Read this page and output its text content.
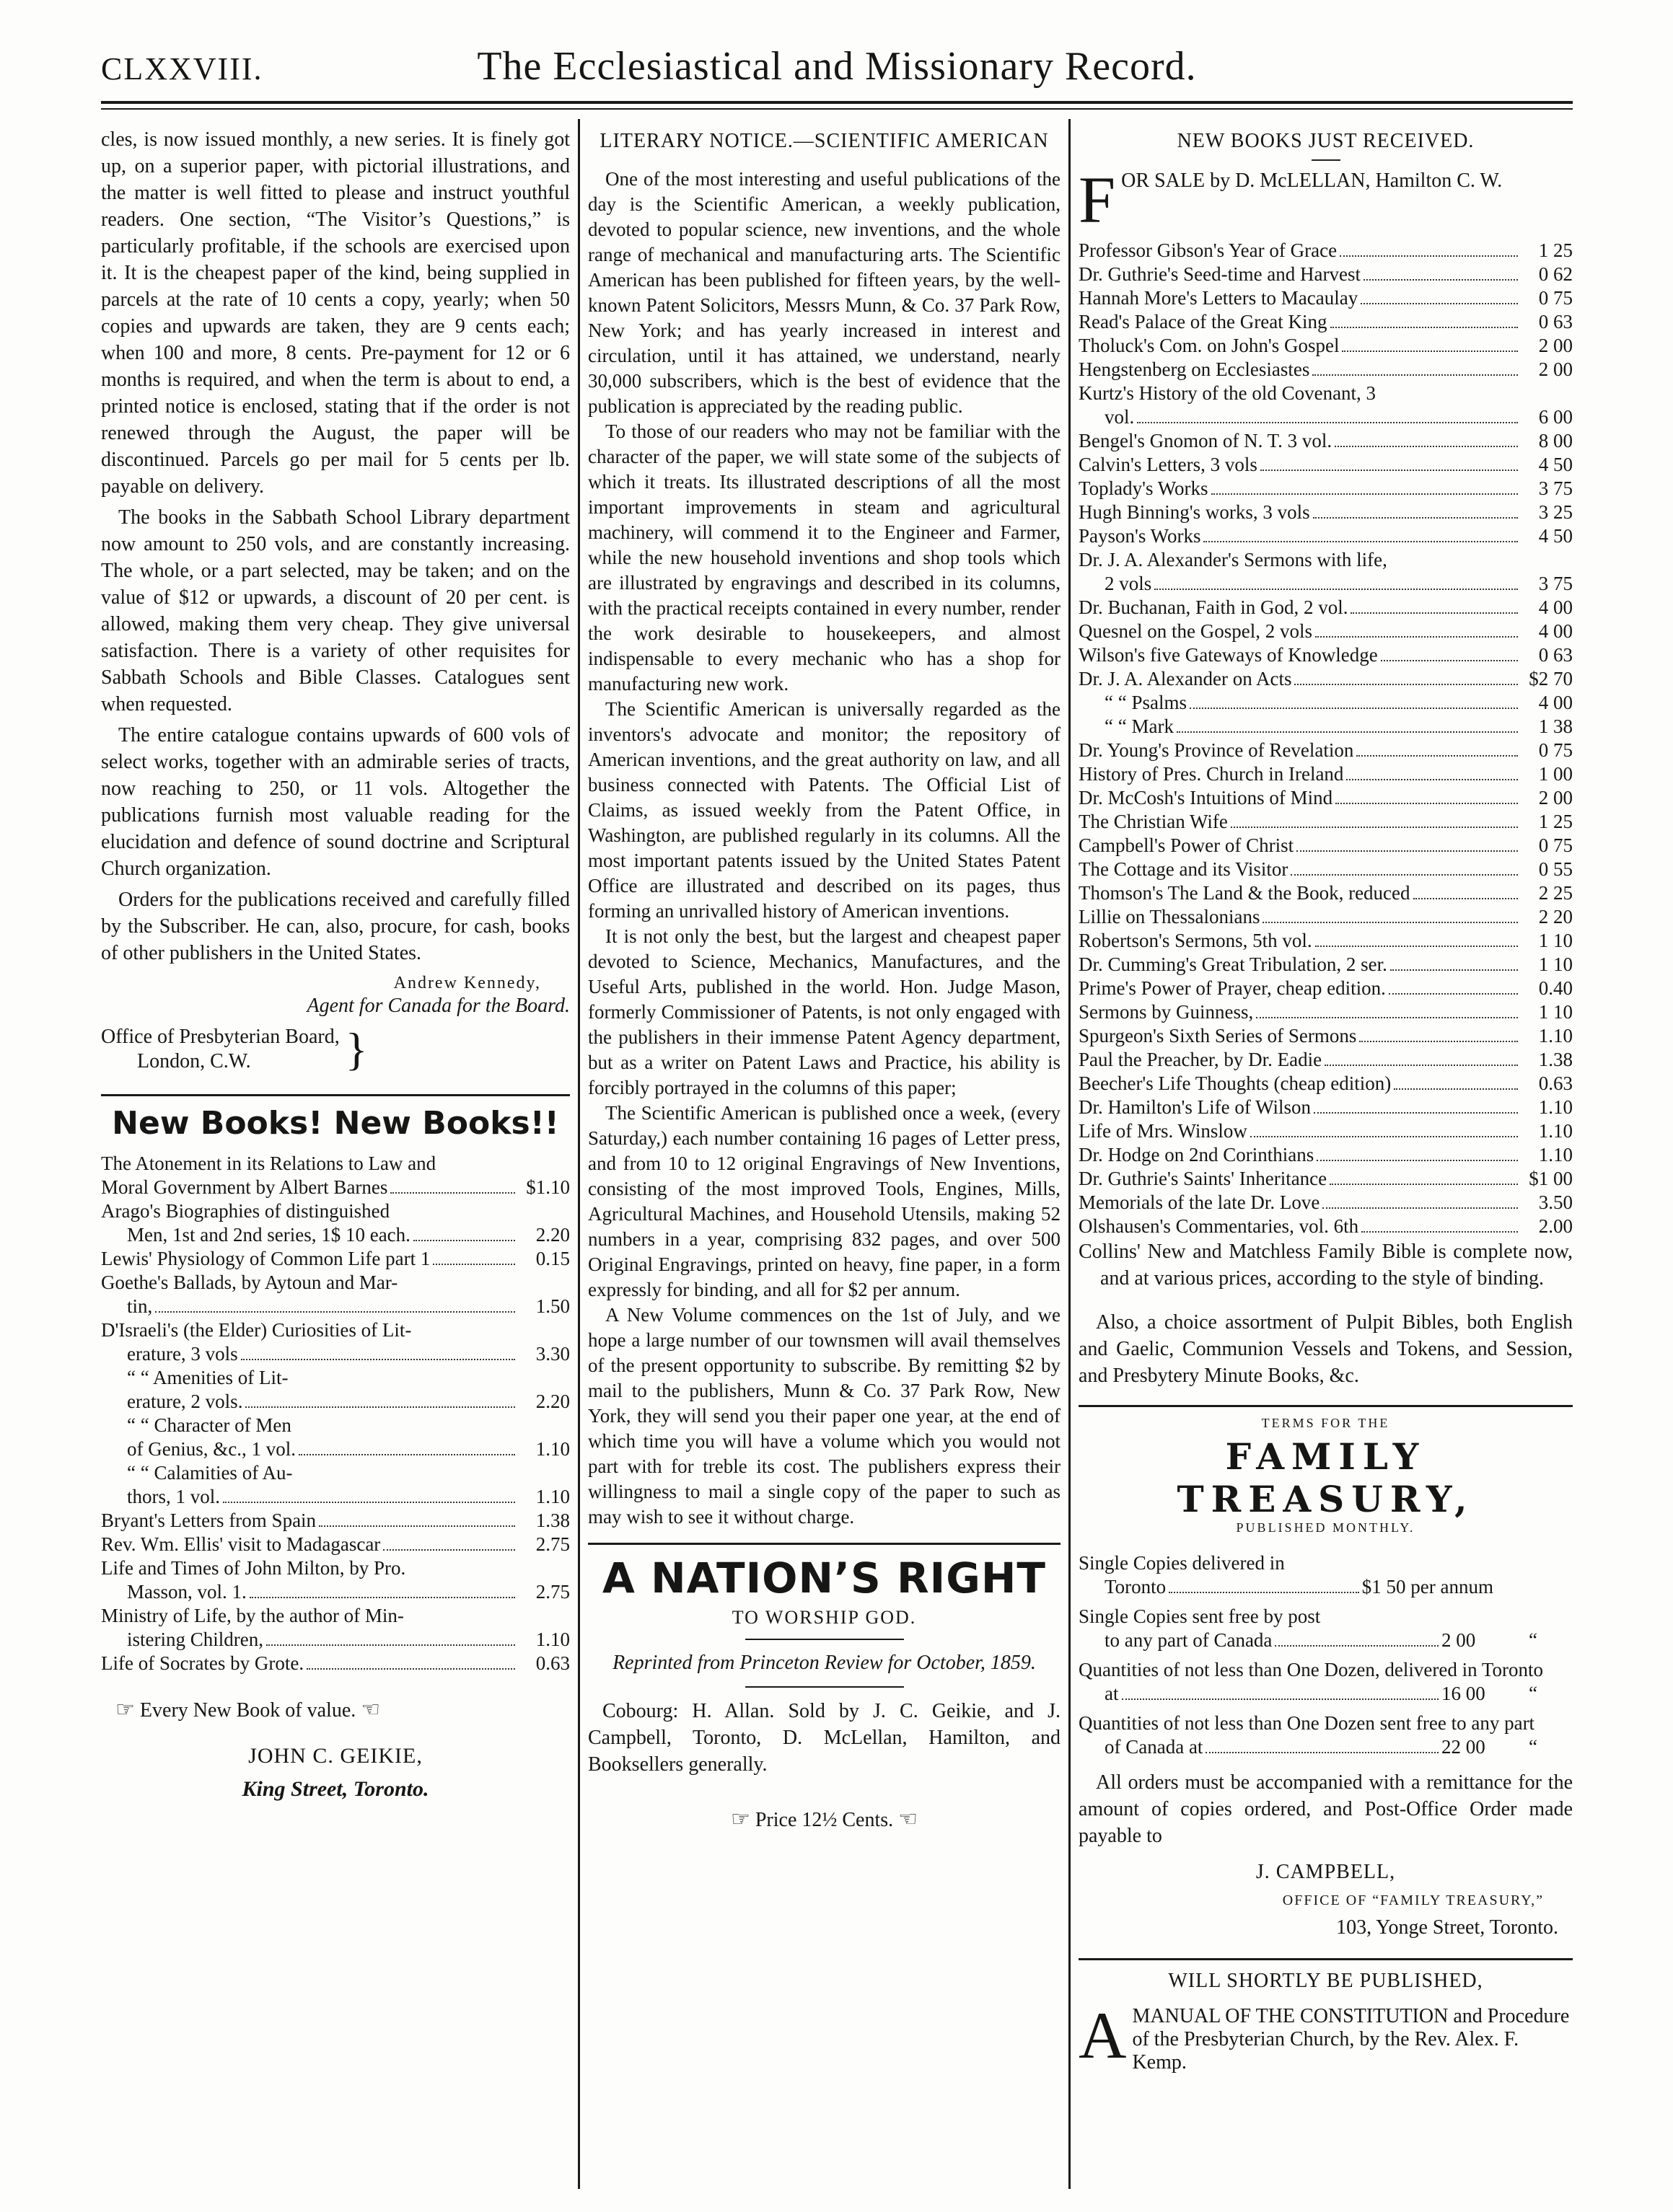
CLXXVIII.	The Ecclesiastical and Missionary Record.

cles, is now issued monthly, a new series. It is finely got up, on a superior paper, with pictorial illustrations, and the matter is well fitted to please and instruct youthful readers. One section, “The Visitor’s Questions,” is particularly profitable, if the schools are exercised upon it. It is the cheapest paper of the kind, being supplied in parcels at the rate of 10 cents a copy, yearly; when 50 copies and upwards are taken, they are 9 cents each; when 100 and more, 8 cents. Pre-payment for 12 or 6 months is required, and when the term is about to end, a printed notice is enclosed, stating that if the order is not renewed through the August, the paper will be discontinued. Parcels go per mail for 5 cents per lb. payable on delivery.

The books in the Sabbath School Library department now amount to 250 vols, and are constantly increasing. The whole, or a part selected, may be taken; and on the value of $12 or upwards, a discount of 20 per cent. is allowed, making them very cheap. They give universal satisfaction. There is a variety of other requisites for Sabbath Schools and Bible Classes. Catalogues sent when requested.

The entire catalogue contains upwards of 600 vols of select works, together with an admirable series of tracts, now reaching to 250, or 11 vols. Altogether the publications furnish most valuable reading for the elucidation and defence of sound doctrine and Scriptural Church organization.

Orders for the publications received and carefully filled by the Subscriber. He can, also, procure, for cash, books of other publishers in the United States.

Andrew Kennedy,
Agent for Canada for the Board.
Office of Presbyterian Board,
London, C.W.	}
New Books! New Books!!
The Atonement in its Relations to Law and
Moral Government by Albert Barnes	$1.10
Arago's Biographies of distinguished
Men, 1st and 2nd series, 1$ 10 each.	2.20
Lewis' Physiology of Common Life part 1	0.15
Goethe's Ballads, by Aytoun and Mar-
tin,	1.50
D'Israeli's (the Elder) Curiosities of Lit-
erature, 3 vols	3.30
“ “ Amenities of Lit-
erature, 2 vols.	2.20
“ “ Character of Men
of Genius, &c., 1 vol.	1.10
“ “ Calamities of Au-
thors, 1 vol.	1.10
Bryant's Letters from Spain	1.38
Rev. Wm. Ellis' visit to Madagascar	2.75
Life and Times of John Milton, by Pro.
Masson, vol. 1.	2.75
Ministry of Life, by the author of Min-
istering Children,	1.10
Life of Socrates by Grote.	0.63
☞ Every New Book of value. ☜
JOHN C. GEIKIE,
King Street, Toronto.
LITERARY NOTICE.—SCIENTIFIC AMERICAN

One of the most interesting and useful publications of the day is the Scientific American, a weekly publication, devoted to popular science, new inventions, and the whole range of mechanical and manufacturing arts. The Scientific American has been published for fifteen years, by the well-known Patent Solicitors, Messrs Munn, & Co. 37 Park Row, New York; and has yearly increased in interest and circulation, until it has attained, we understand, nearly 30,000 subscribers, which is the best of evidence that the publication is appreciated by the reading public.

To those of our readers who may not be familiar with the character of the paper, we will state some of the subjects of which it treats. Its illustrated descriptions of all the most important improvements in steam and agricultural machinery, will commend it to the Engineer and Farmer, while the new household inventions and shop tools which are illustrated by engravings and described in its columns, with the practical receipts contained in every number, render the work desirable to housekeepers, and almost indispensable to every mechanic who has a shop for manufacturing new work.

The Scientific American is universally regarded as the inventors's advocate and monitor; the repository of American inventions, and the great authority on law, and all business connected with Patents. The Official List of Claims, as issued weekly from the Patent Office, in Washington, are published regularly in its columns. All the most important patents issued by the United States Patent Office are illustrated and described on its pages, thus forming an unrivalled history of American inventions.

It is not only the best, but the largest and cheapest paper devoted to Science, Mechanics, Manufactures, and the Useful Arts, published in the world. Hon. Judge Mason, formerly Commissioner of Patents, is not only engaged with the publishers in their immense Patent Agency department, but as a writer on Patent Laws and Practice, his ability is forcibly portrayed in the columns of this paper;

The Scientific American is published once a week, (every Saturday,) each number containing 16 pages of Letter press, and from 10 to 12 original Engravings of New Inventions, consisting of the most improved Tools, Engines, Mills, Agricultural Machines, and Household Utensils, making 52 numbers in a year, comprising 832 pages, and over 500 Original Engravings, printed on heavy, fine paper, in a form expressly for binding, and all for $2 per annum.

A New Volume commences on the 1st of July, and we hope a large number of our townsmen will avail themselves of the present opportunity to subscribe. By remitting $2 by mail to the publishers, Munn & Co. 37 Park Row, New York, they will send you their paper one year, at the end of which time you will have a volume which you would not part with for treble its cost. The publishers express their willingness to mail a single copy of the paper to such as may wish to see it without charge.

A NATION’S RIGHT
TO WORSHIP GOD.

Reprinted from Princeton Review for October, 1859.

Cobourg: H. Allan. Sold by J. C. Geikie, and J. Campbell, Toronto, D. McLellan, Hamilton, and Booksellers generally.

☞ Price 12½ Cents. ☜
NEW BOOKS JUST RECEIVED.
F OR SALE by D. McLELLAN, Hamilton C. W.
Professor Gibson's Year of Grace	1 25
Dr. Guthrie's Seed-time and Harvest	0 62
Hannah More's Letters to Macaulay	0 75
Read's Palace of the Great King	0 63
Tholuck's Com. on John's Gospel	2 00
Hengstenberg on Ecclesiastes	2 00
Kurtz's History of the old Covenant, 3
vol.	6 00
Bengel's Gnomon of N. T. 3 vol.	8 00
Calvin's Letters, 3 vols	4 50
Toplady's Works	3 75
Hugh Binning's works, 3 vols	3 25
Payson's Works	4 50
Dr. J. A. Alexander's Sermons with life,
2 vols	3 75
Dr. Buchanan, Faith in God, 2 vol.	4 00
Quesnel on the Gospel, 2 vols	4 00
Wilson's five Gateways of Knowledge	0 63
Dr. J. A. Alexander on Acts	$2 70
“ “ Psalms	4 00
“ “ Mark	1 38
Dr. Young's Province of Revelation	0 75
History of Pres. Church in Ireland	1 00
Dr. McCosh's Intuitions of Mind	2 00
The Christian Wife	1 25
Campbell's Power of Christ	0 75
The Cottage and its Visitor	0 55
Thomson's The Land & the Book, reduced	2 25
Lillie on Thessalonians	2 20
Robertson's Sermons, 5th vol.	1 10
Dr. Cumming's Great Tribulation, 2 ser.	1 10
Prime's Power of Prayer, cheap edition.	0.40
Sermons by Guinness,	1 10
Spurgeon's Sixth Series of Sermons	1.10
Paul the Preacher, by Dr. Eadie	1.38
Beecher's Life Thoughts (cheap edition)	0.63
Dr. Hamilton's Life of Wilson	1.10
Life of Mrs. Winslow	1.10
Dr. Hodge on 2nd Corinthians	1.10
Dr. Guthrie's Saints' Inheritance	$1 00
Memorials of the late Dr. Love	3.50
Olshausen's Commentaries, vol. 6th	2.00

Collins' New and Matchless Family Bible is complete now, and at various prices, according to the style of binding.

Also, a choice assortment of Pulpit Bibles, both English and Gaelic, Communion Vessels and Tokens, and Session, and Presbytery Minute Books, &c.

TERMS FOR THE
FAMILY TREASURY,
PUBLISHED MONTHLY.
Single Copies delivered in
Toronto	$1 50 per annum
Single Copies sent free by post
to any part of Canada	2 00	“
Quantities of not less than One Dozen, delivered in Toronto
at	16 00	“
Quantities of not less than One Dozen sent free to any part
of Canada at	22 00	“

All orders must be accompanied with a remittance for the amount of copies ordered, and Post-Office Order made payable to

J. CAMPBELL,
OFFICE OF “FAMILY TREASURY,”
103, Yonge Street, Toronto.
WILL SHORTLY BE PUBLISHED,
A MANUAL OF THE CONSTITUTION and Procedure of the Presbyterian Church, by the Rev. Alex. F. Kemp.
